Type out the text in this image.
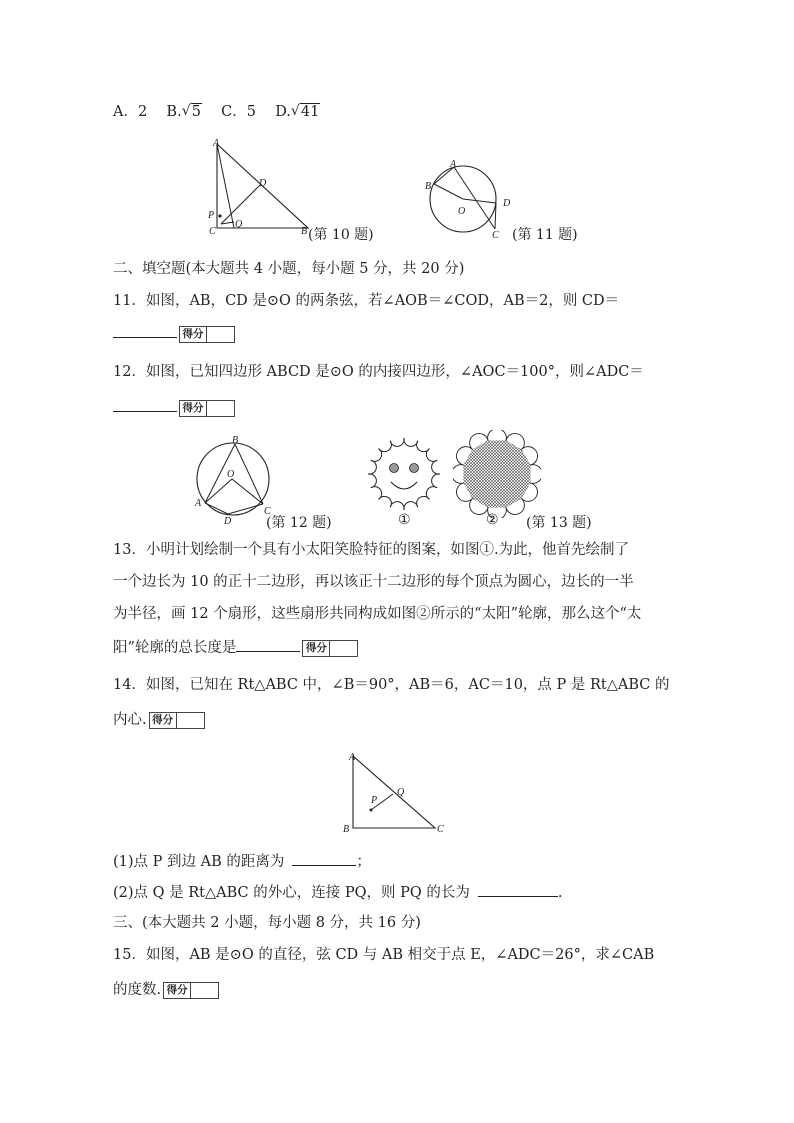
A．2 B. √ 5 C．5 D. √ 41
A
D
P
Q
C	B (第 10 题)
A
B
O
D
C (第 11 题)
二、填空题(本大题共 4 小题，每小题 5 分，共 20 分)
11．如图，AB，CD 是⊙O 的两条弦，若∠AOB＝∠COD，AB＝2，则 CD＝
得分
12．如图，已知四边形 ABCD 是⊙O 的内接四边形，∠AOC＝100°，则∠ADC＝
得分
B
O
A
D
C
(第 12 题)	①	② (第 13 题)
13．小明计划绘制一个具有小太阳笑脸特征的图案，如图①.为此，他首先绘制了
一个边长为 10 的正十二边形，再以该正十二边形的每个顶点为圆心，边长的一半
为半径，画 12 个扇形，这些扇形共同构成如图②所示的“太阳”轮廓，那么这个“太
阳”轮廓的总长度是	得分
14．如图，已知在 Rt△ABC 中，∠B＝90°，AB＝6，AC＝10，点 P 是 Rt△ABC 的
内心. 得分
A
P
Q
B	C
(1)点 P 到边 AB 的距离为	；
(2)点 Q 是 Rt△ABC 的外心，连接 PQ，则 PQ 的长为	.
三、(本大题共 2 小题，每小题 8 分，共 16 分)
15．如图，AB 是⊙O 的直径，弦 CD 与 AB 相交于点 E，∠ADC＝26°，求∠CAB
的度数. 得分
